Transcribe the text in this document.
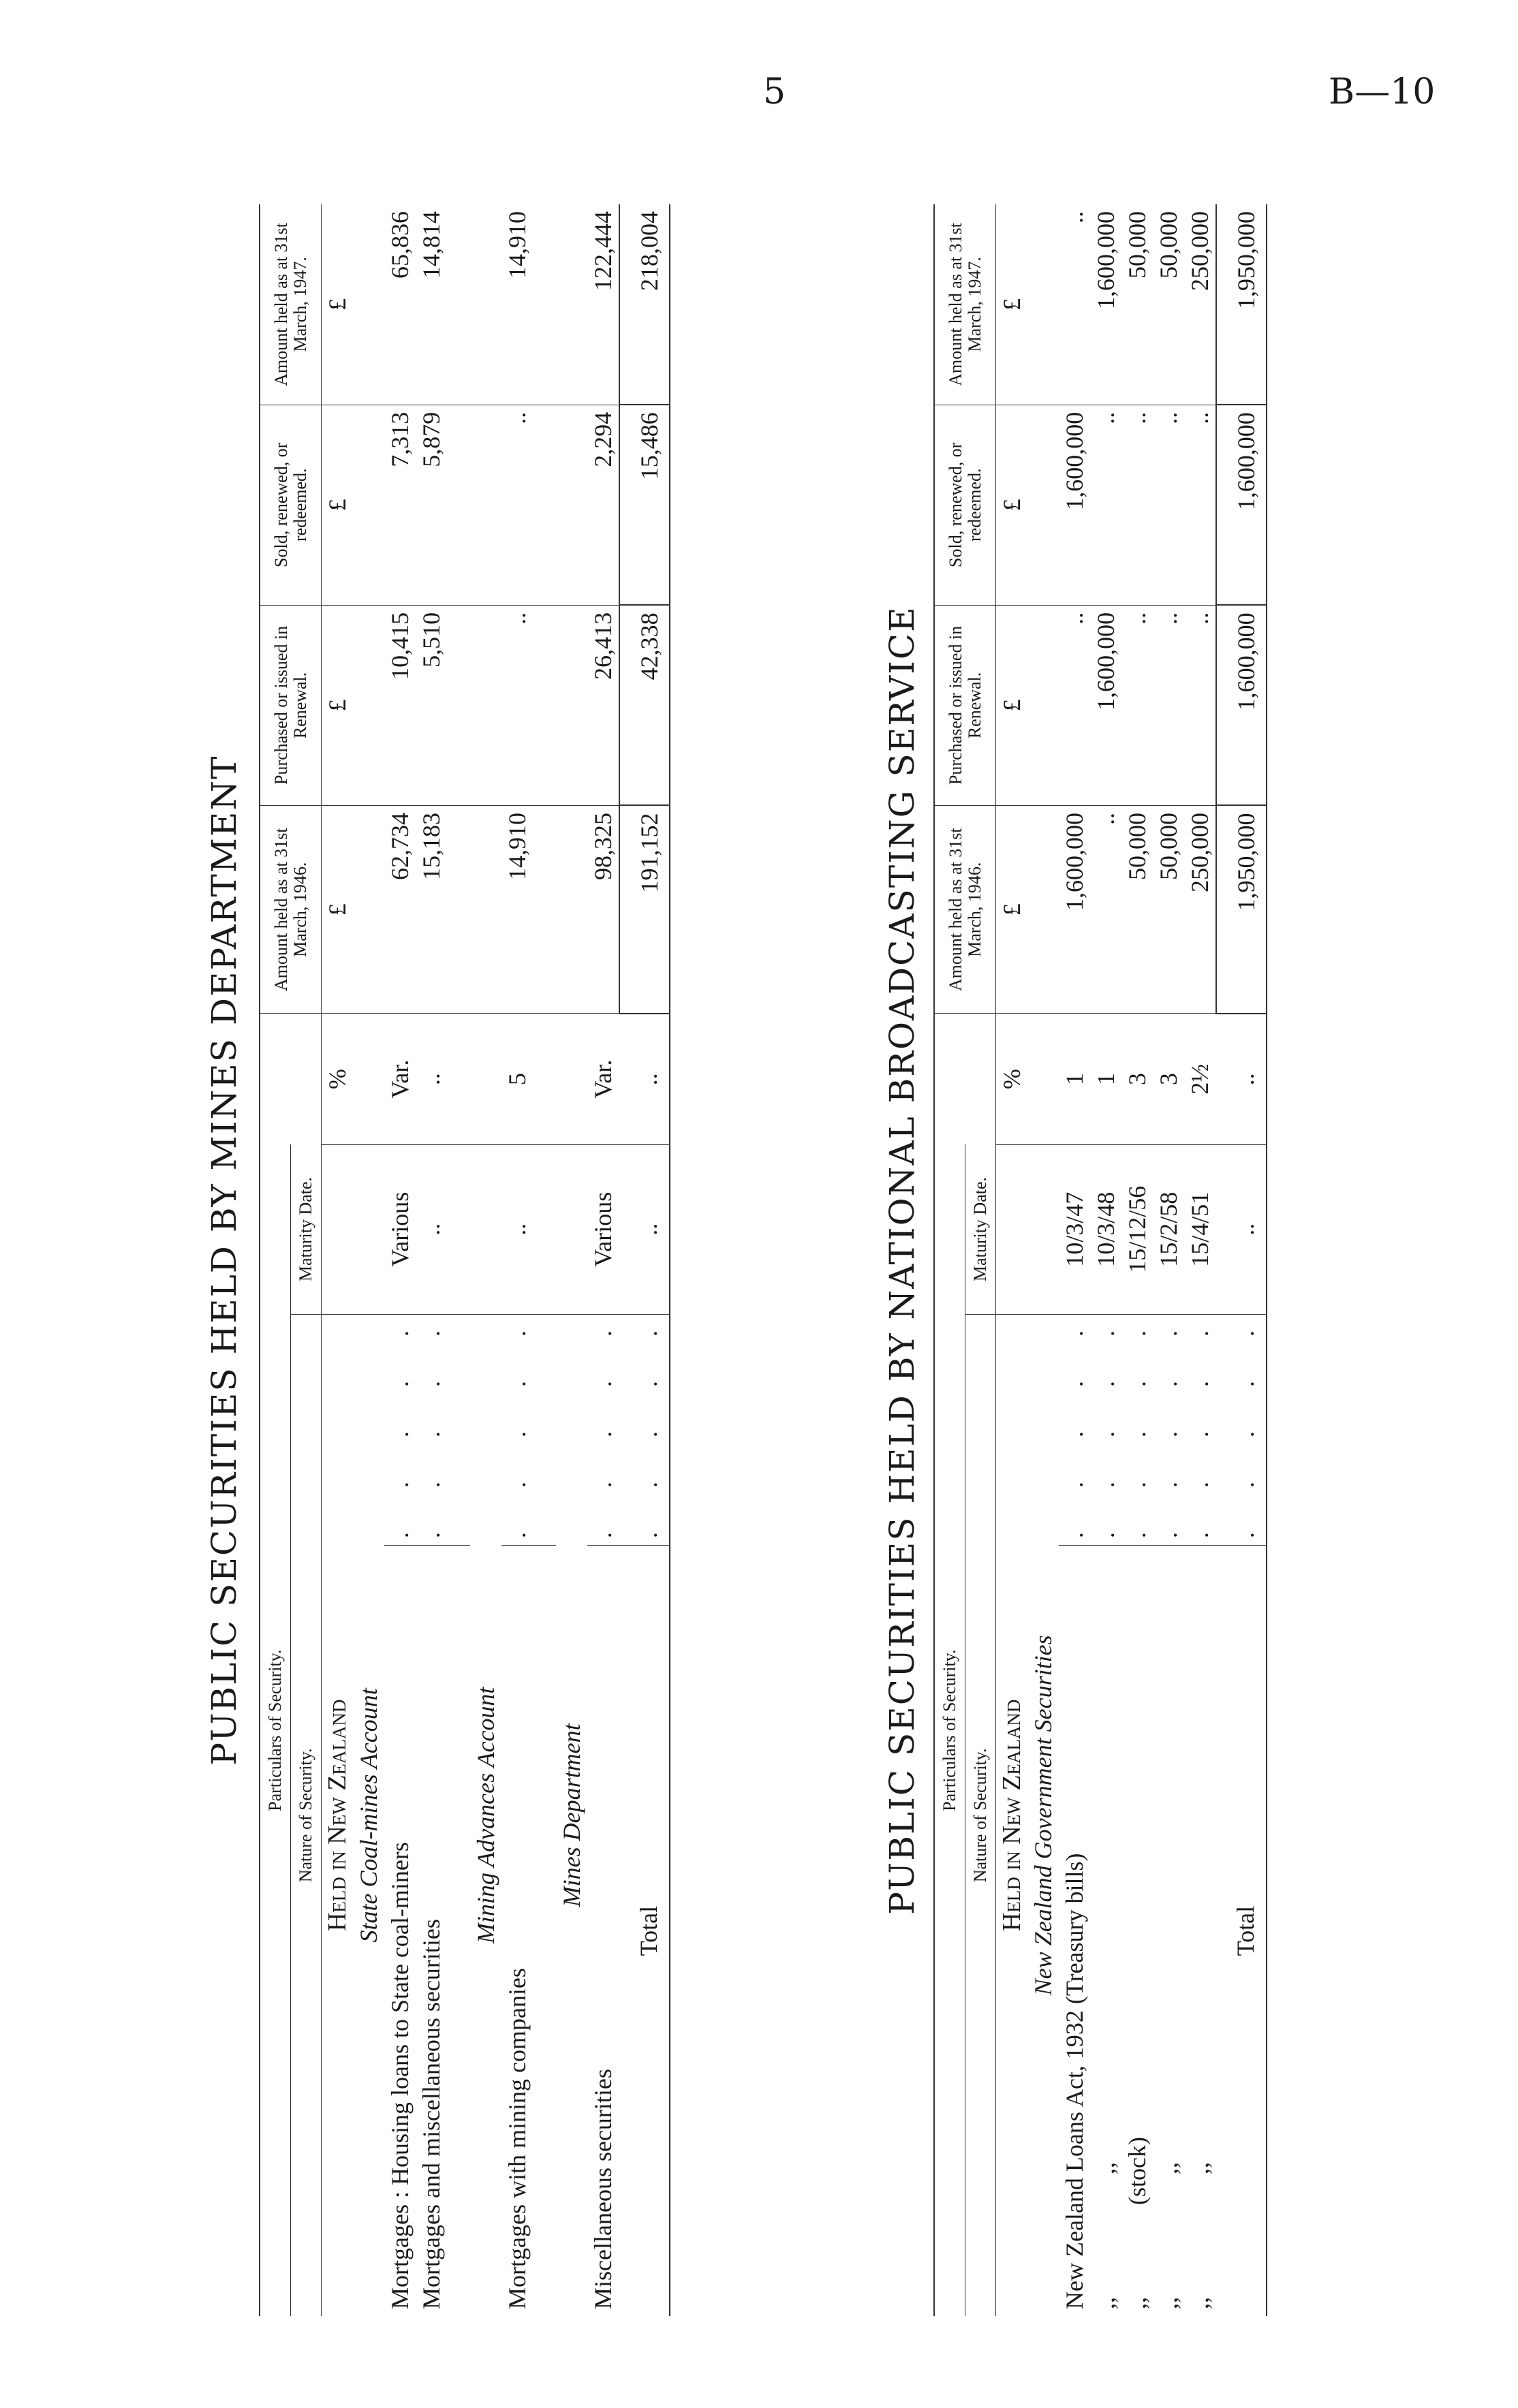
5	B—10
PUBLIC SECURITIES HELD BY MINES DEPARTMENT Particulars of Security.				Amount held as at 31st March, 1946.	Purchased or issued in Renewal.	Sold, renewed, or redeemed.	Amount held as at 31st March, 1947.
Nature of Security.		Maturity Date.					
Held in New Zealand			%	£	£	£	£
State Coal-mines Account							
Mortgages : Housing loans to State coal-miners	. . . . .	Various	Var.	62,734	10,415	7,313	65,836
Mortgages and miscellaneous securities	. . . . .	..	..	15,183	5,510	5,879	14,814

Mining Advances Account							
Mortgages with mining companies	. . . . .	..	5	14,910	..	..	14,910

Mines Department							
Miscellaneous securities	. . . . .	Various	Var.	98,325	26,413	2,294	122,444
Total	. . . . .	..	..	191,152	42,338	15,486	218,004
PUBLIC SECURITIES HELD BY NATIONAL BROADCASTING SERVICE Particulars of Security.				Amount held as at 31st March, 1946.	Purchased or issued in Renewal.	Sold, renewed, or redeemed.	Amount held as at 31st March, 1947.
Nature of Security.		Maturity Date.					
Held in New Zealand			%	£	£	£	£
New Zealand Government Securities							
New Zealand Loans Act, 1932 (Treasury bills)	. . . . .	10/3/47	1	1,600,000	..	1,600,000	..
,,                    ,,	. . . . .	10/3/48	1	..	1,600,000	..	1,600,000
,,               (stock)	. . . . .	15/12/56	3	50,000	..	..	50,000
,,                    ,,	. . . . .	15/2/58	3	50,000	..	..	50,000
,,                    ,,	. . . . .	15/4/51	2½	250,000	..	..	250,000
Total	. . . . .	..	..	1,950,000	1,600,000	1,600,000	1,950,000
